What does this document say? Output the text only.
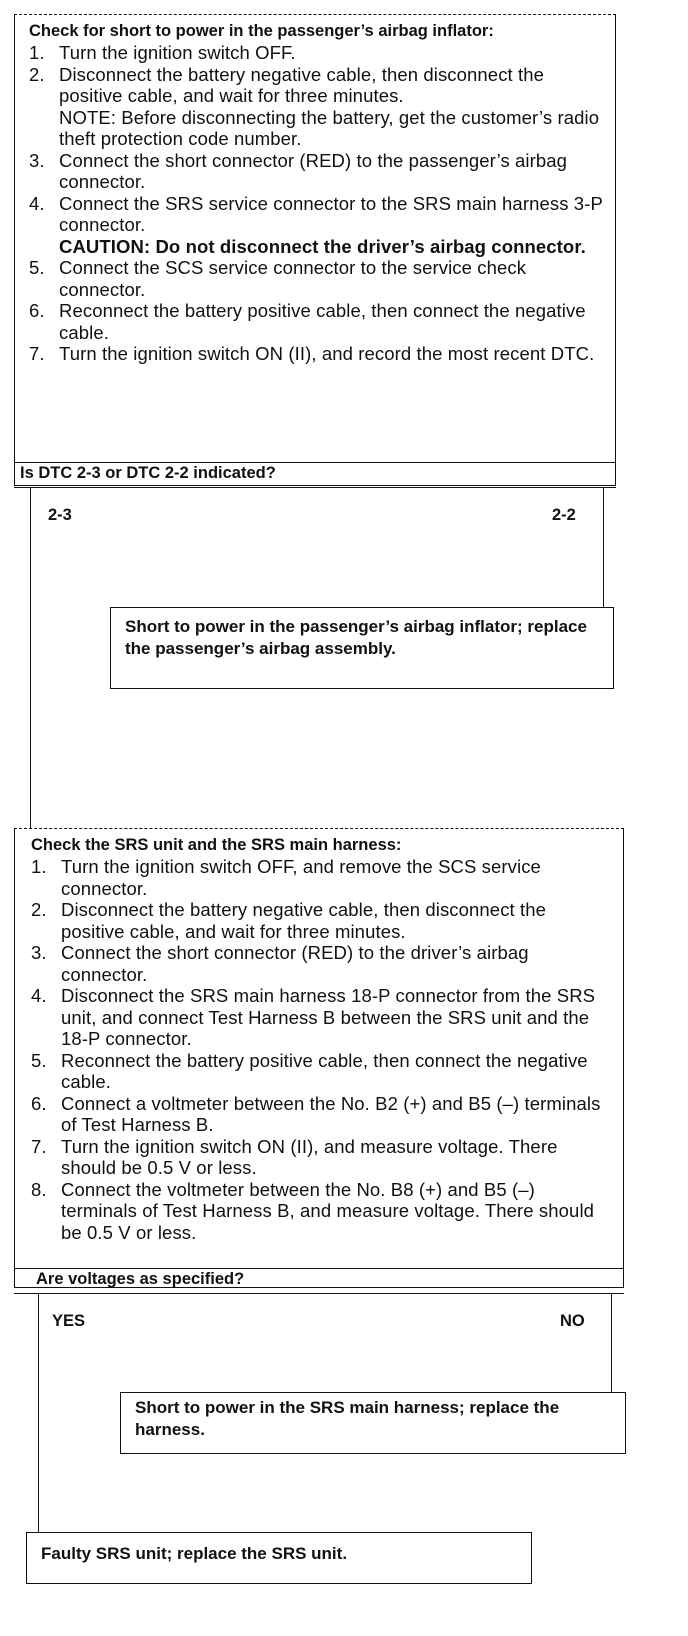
Check for short to power in the passenger’s airbag inflator:
1. Turn the ignition switch OFF.
2. Disconnect the battery negative cable, then disconnect the positive cable, and wait for three minutes.
NOTE: Before disconnecting the battery, get the customer’s radio theft protection code number.
3. Connect the short connector (RED) to the passenger’s airbag connector.
4. Connect the SRS service connector to the SRS main harness 3-P connector.
CAUTION: Do not disconnect the driver’s airbag connector.
5. Connect the SCS service connector to the service check connector.
6. Reconnect the battery positive cable, then connect the negative cable.
7. Turn the ignition switch ON (II), and record the most recent DTC.
Is DTC 2-3 or DTC 2-2 indicated?
2-3	2-2
Short to power in the passenger’s airbag inflator; replace the passenger’s airbag assembly.
Check the SRS unit and the SRS main harness:
1. Turn the ignition switch OFF, and remove the SCS service connector.
2. Disconnect the battery negative cable, then disconnect the positive cable, and wait for three minutes.
3. Connect the short connector (RED) to the driver’s airbag connector.
4. Disconnect the SRS main harness 18-P connector from the SRS unit, and connect Test Harness B between the SRS unit and the 18-P connector.
5. Reconnect the battery positive cable, then connect the negative cable.
6. Connect a voltmeter between the No. B2 (+) and B5 (–) terminals of Test Harness B.
7. Turn the ignition switch ON (II), and measure voltage. There should be 0.5 V or less.
8. Connect the voltmeter between the No. B8 (+) and B5 (–) terminals of Test Harness B, and measure voltage. There should be 0.5 V or less.
Are voltages as specified?
YES	NO
Short to power in the SRS main harness; replace the harness.
Faulty SRS unit; replace the SRS unit.
